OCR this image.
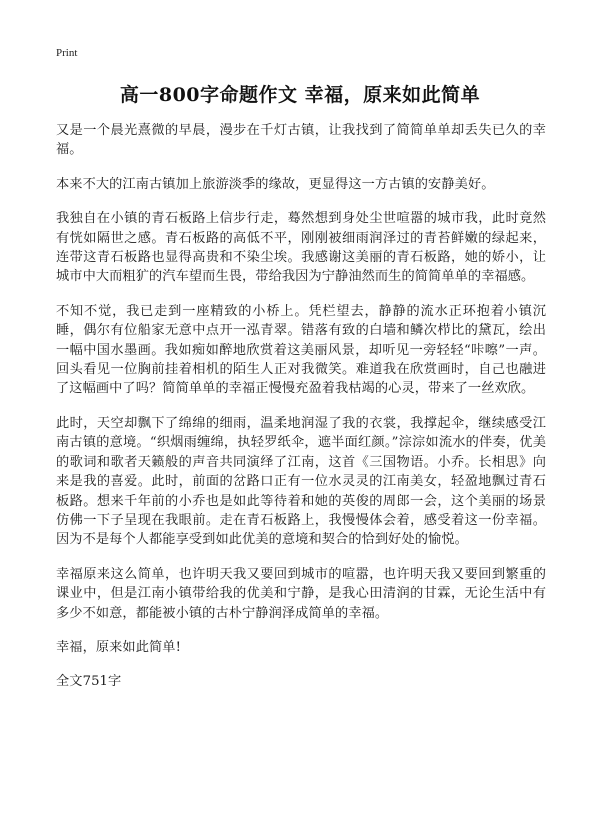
Print
高一800字命题作文 幸福，原来如此简单

又是一个晨光熹微的早晨，漫步在千灯古镇，让我找到了简简单单却丢失已久的幸福。

本来不大的江南古镇加上旅游淡季的缘故，更显得这一方古镇的安静美好。

我独自在小镇的青石板路上信步行走，蓦然想到身处尘世喧嚣的城市我，此时竟然有恍如隔世之感。青石板路的高低不平，刚刚被细雨润泽过的青苔鲜嫩的绿起来，连带这青石板路也显得高贵和不染尘埃。我感谢这美丽的青石板路，她的娇小，让城市中大而粗犷的汽车望而生畏，带给我因为宁静油然而生的简简单单的幸福感。

不知不觉，我已走到一座精致的小桥上。凭栏望去，静静的流水正环抱着小镇沉睡，偶尔有位船家无意中点开一泓青翠。错落有致的白墙和鳞次栉比的黛瓦，绘出一幅中国水墨画。我如痴如醉地欣赏着这美丽风景，却听见一旁轻轻“咔嚓”一声。回头看见一位胸前挂着相机的陌生人正对我微笑。难道我在欣赏画时，自己也融进了这幅画中了吗？简简单单的幸福正慢慢充盈着我枯竭的心灵，带来了一丝欢欣。

此时，天空却飘下了绵绵的细雨，温柔地润湿了我的衣裳，我撑起伞，继续感受江南古镇的意境。“织烟雨缠绵，执轻罗纸伞，遮半面红颜。”淙淙如流水的伴奏，优美的歌词和歌者天籁般的声音共同演绎了江南，这首《三国物语。小乔。长相思》向来是我的喜爱。此时，前面的岔路口正有一位水灵灵的江南美女，轻盈地飘过青石板路。想来千年前的小乔也是如此等待着和她的英俊的周郎一会，这个美丽的场景仿佛一下子呈现在我眼前。走在青石板路上，我慢慢体会着，感受着这一份幸福。因为不是每个人都能享受到如此优美的意境和契合的恰到好处的愉悦。

幸福原来这么简单，也许明天我又要回到城市的喧嚣，也许明天我又要回到繁重的课业中，但是江南小镇带给我的优美和宁静，是我心田清润的甘霖，无论生活中有多少不如意，都能被小镇的古朴宁静润泽成简单的幸福。

幸福，原来如此简单!

全文751字
